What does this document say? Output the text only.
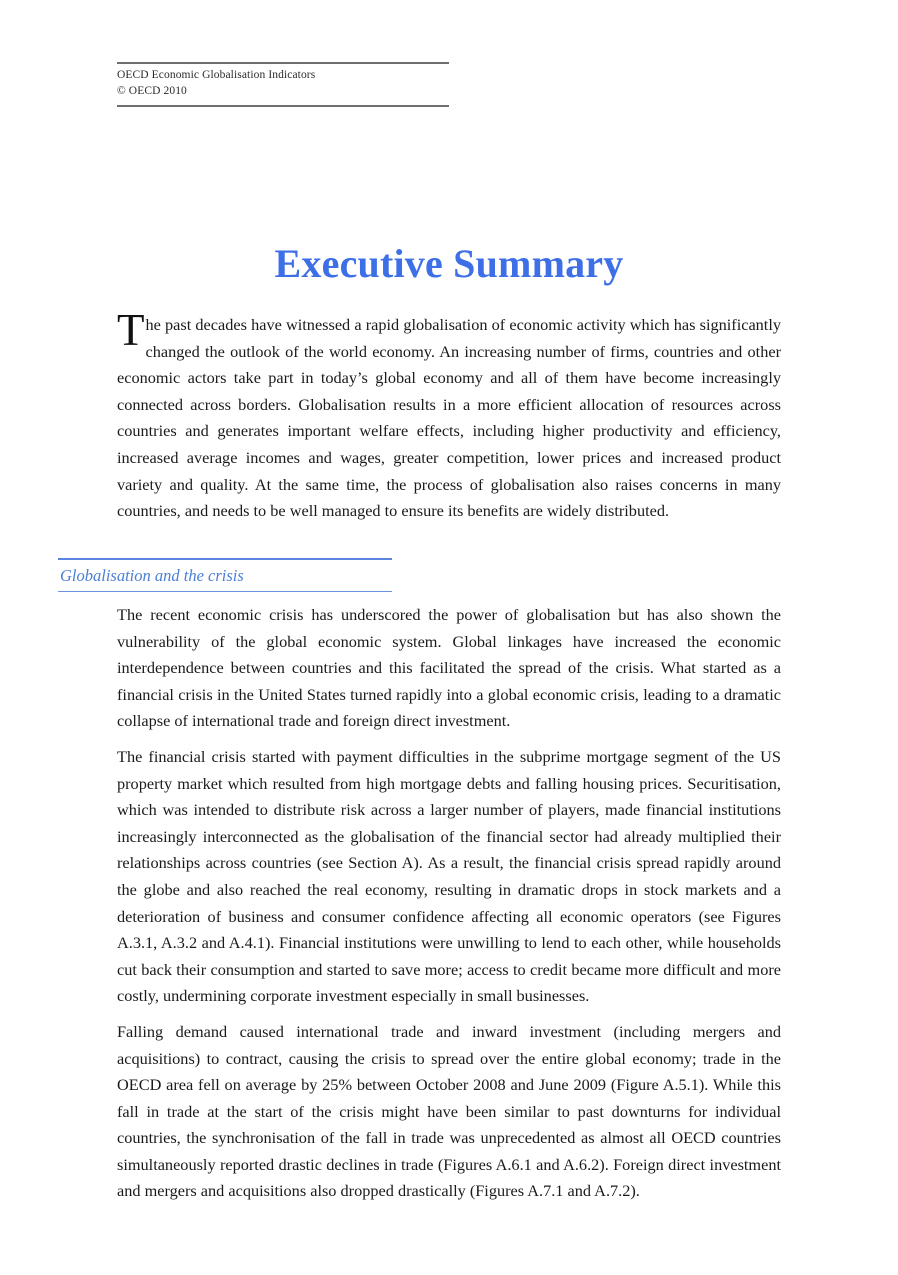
OECD Economic Globalisation Indicators
© OECD 2010
Executive Summary

The past decades have witnessed a rapid globalisation of economic activity which has significantly changed the outlook of the world economy. An increasing number of firms, countries and other economic actors take part in today’s global economy and all of them have become increasingly connected across borders. Globalisation results in a more efficient allocation of resources across countries and generates important welfare effects, including higher productivity and efficiency, increased average incomes and wages, greater competition, lower prices and increased product variety and quality. At the same time, the process of globalisation also raises concerns in many countries, and needs to be well managed to ensure its benefits are widely distributed.

Globalisation and the crisis

The recent economic crisis has underscored the power of globalisation but has also shown the vulnerability of the global economic system. Global linkages have increased the economic interdependence between countries and this facilitated the spread of the crisis. What started as a financial crisis in the United States turned rapidly into a global economic crisis, leading to a dramatic collapse of international trade and foreign direct investment.

The financial crisis started with payment difficulties in the subprime mortgage segment of the US property market which resulted from high mortgage debts and falling housing prices. Securitisation, which was intended to distribute risk across a larger number of players, made financial institutions increasingly interconnected as the globalisation of the financial sector had already multiplied their relationships across countries (see Section A). As a result, the financial crisis spread rapidly around the globe and also reached the real economy, resulting in dramatic drops in stock markets and a deterioration of business and consumer confidence affecting all economic operators (see Figures A.3.1, A.3.2 and A.4.1). Financial institutions were unwilling to lend to each other, while households cut back their consumption and started to save more; access to credit became more difficult and more costly, undermining corporate investment especially in small businesses.

Falling demand caused international trade and inward investment (including mergers and acquisitions) to contract, causing the crisis to spread over the entire global economy; trade in the OECD area fell on average by 25% between October 2008 and June 2009 (Figure A.5.1). While this fall in trade at the start of the crisis might have been similar to past downturns for individual countries, the synchronisation of the fall in trade was unprecedented as almost all OECD countries simultaneously reported drastic declines in trade (Figures A.6.1 and A.6.2). Foreign direct investment and mergers and acquisitions also dropped drastically (Figures A.7.1 and A.7.2).
